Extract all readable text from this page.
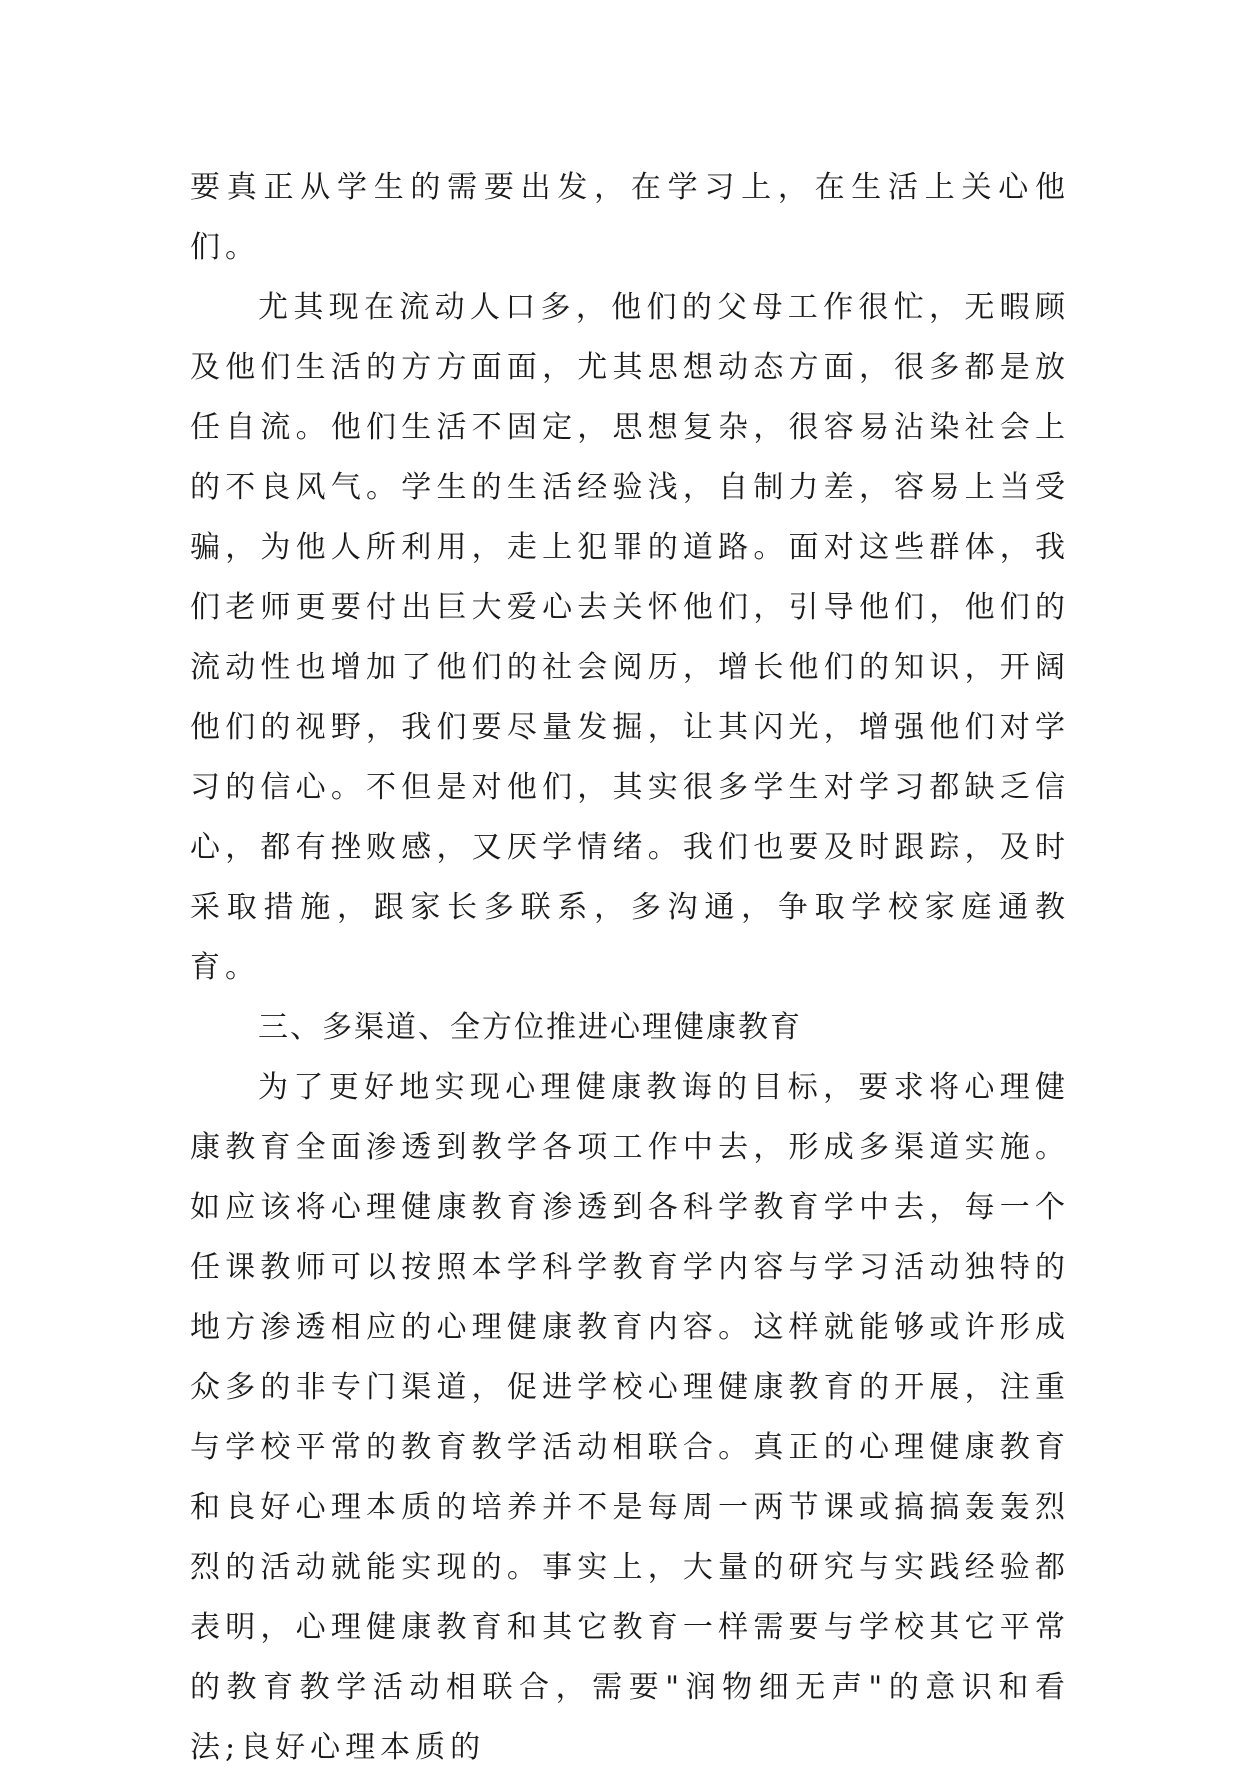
要真正从学生的需要出发，在学习上，在生活上关心他们。

尤其现在流动人口多，他们的父母工作很忙，无暇顾及他们生活的方方面面，尤其思想动态方面，很多都是放任自流。他们生活不固定，思想复杂，很容易沾染社会上的不良风气。学生的生活经验浅，自制力差，容易上当受骗，为他人所利用，走上犯罪的道路。面对这些群体，我们老师更要付出巨大爱心去关怀他们，引导他们，他们的流动性也增加了他们的社会阅历，增长他们的知识，开阔他们的视野，我们要尽量发掘，让其闪光，增强他们对学习的信心。不但是对他们，其实很多学生对学习都缺乏信心，都有挫败感，又厌学情绪。我们也要及时跟踪，及时采取措施，跟家长多联系，多沟通，争取学校家庭通教育。

三、多渠道、全方位推进心理健康教育

为了更好地实现心理健康教诲的目标，要求将心理健康教育全面渗透到教学各项工作中去，形成多渠道实施。如应该将心理健康教育渗透到各科学教育学中去，每一个任课教师可以按照本学科学教育学内容与学习活动独特的地方渗透相应的心理健康教育内容。这样就能够或许形成众多的非专门渠道，促进学校心理健康教育的开展，注重与学校平常的教育教学活动相联合。真正的心理健康教育和良好心理本质的培养并不是每周一两节课或搞搞轰轰烈烈的活动就能实现的。事实上，大量的研究与实践经验都表明，心理健康教育和其它教育一样需要与学校其它平常的教育教学活动相联合，需要"润物细无声"的意识和看法;良好心理本质的
